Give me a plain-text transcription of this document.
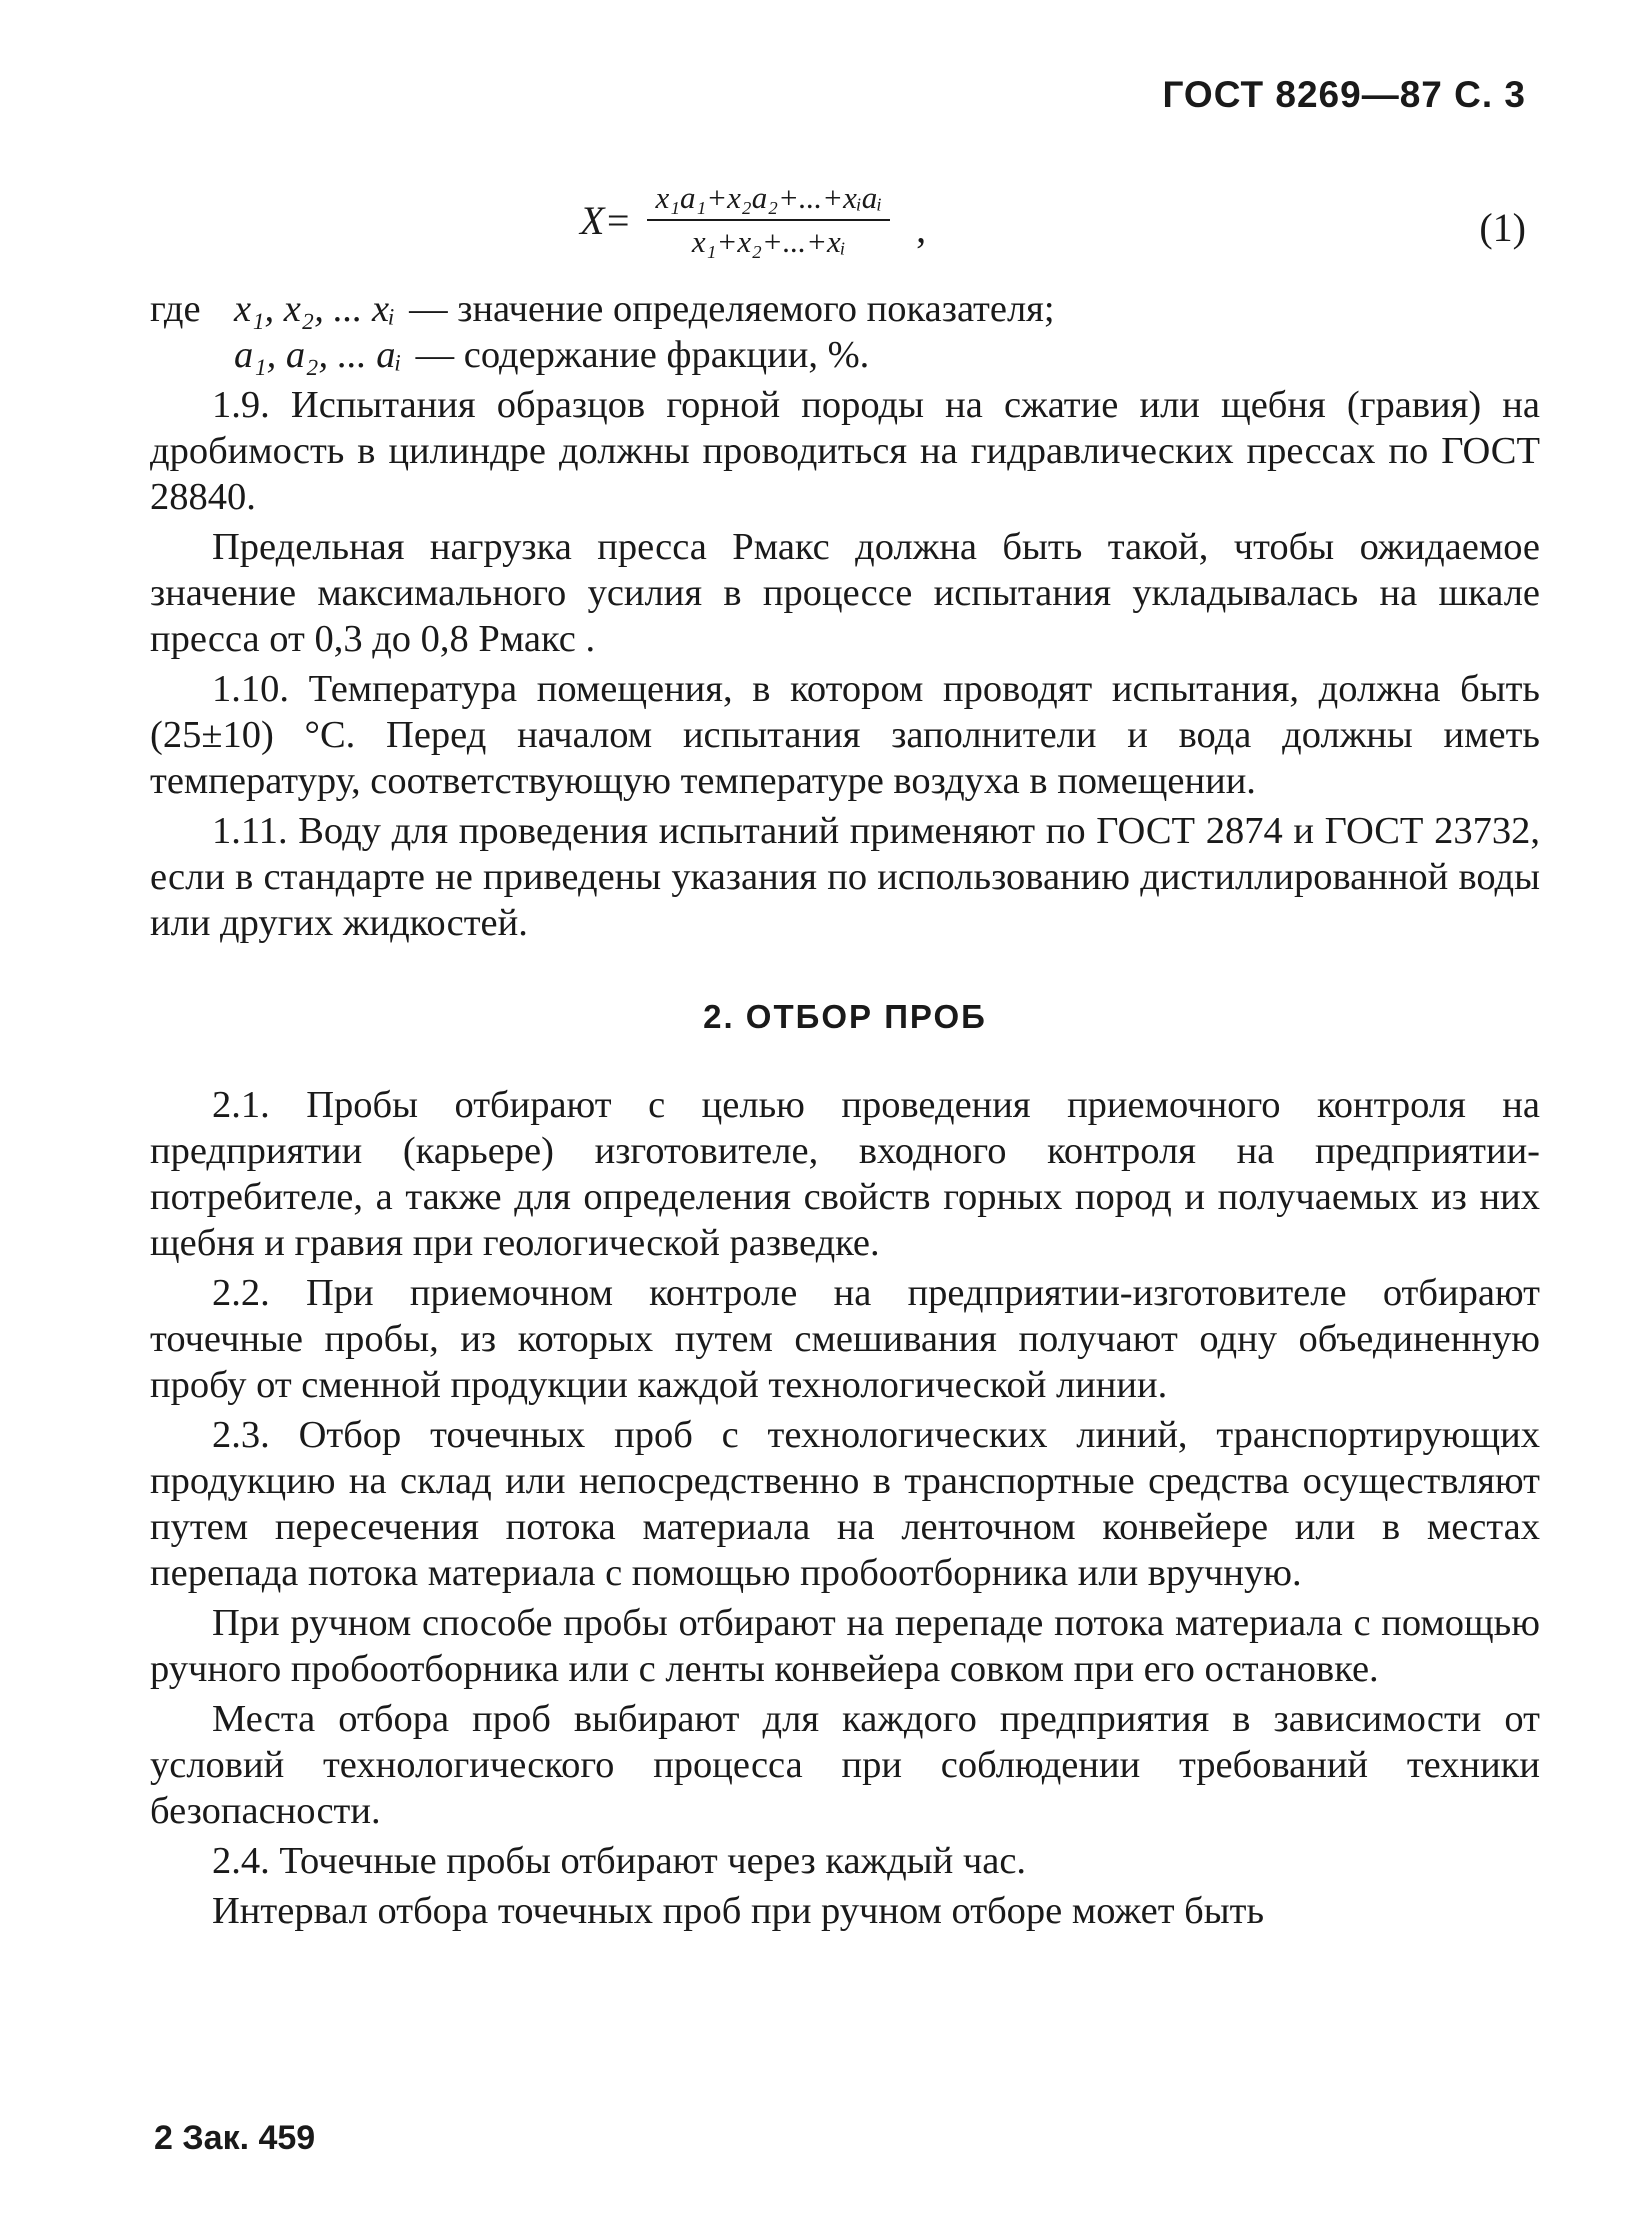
ГОСТ 8269—87 С. 3
$X= \frac{\text{x₁a₁+x₂a₂+...+xᵢaᵢ}}{\text{x₁+x₂+...+xᵢ}}$ ,	(1)
где x₁, x₂, ... xᵢ — значение определяемого показателя;
a₁, a₂, ... aᵢ — содержание фракции, %.

1.9. Испытания образцов горной породы на сжатие или щебня (гравия) на дробимость в цилиндре должны проводиться на гидравлических прессах по ГОСТ 28840.

Предельная нагрузка пресса Pмакс должна быть такой, чтобы ожидаемое значение максимального усилия в процессе испытания укладывалась на шкале пресса от 0,3 до 0,8 Pмакс .

1.10. Температура помещения, в котором проводят испытания, должна быть (25±10) °С. Перед началом испытания заполнители и вода должны иметь температуру, соответствующую температуре воздуха в помещении.

1.11. Воду для проведения испытаний применяют по ГОСТ 2874 и ГОСТ 23732, если в стандарте не приведены указания по использованию дистиллированной воды или других жидкостей.

2. ОТБОР ПРОБ

2.1. Пробы отбирают с целью проведения приемочного контроля на предприятии (карьере) изготовителе, входного контроля на предприятии-потребителе, а также для определения свойств горных пород и получаемых из них щебня и гравия при геологической разведке.

2.2. При приемочном контроле на предприятии-изготовителе отбирают точечные пробы, из которых путем смешивания получают одну объединенную пробу от сменной продукции каждой технологической линии.

2.3. Отбор точечных проб с технологических линий, транспортирующих продукцию на склад или непосредственно в транспортные средства осуществляют путем пересечения потока материала на ленточном конвейере или в местах перепада потока материала с помощью пробоотборника или вручную.

При ручном способе пробы отбирают на перепаде потока материала с помощью ручного пробоотборника или с ленты конвейера совком при его остановке.

Места отбора проб выбирают для каждого предприятия в зависимости от условий технологического процесса при соблюдении требований техники безопасности.

2.4. Точечные пробы отбирают через каждый час.

Интервал отбора точечных проб при ручном отборе может быть

2 Зак. 459
